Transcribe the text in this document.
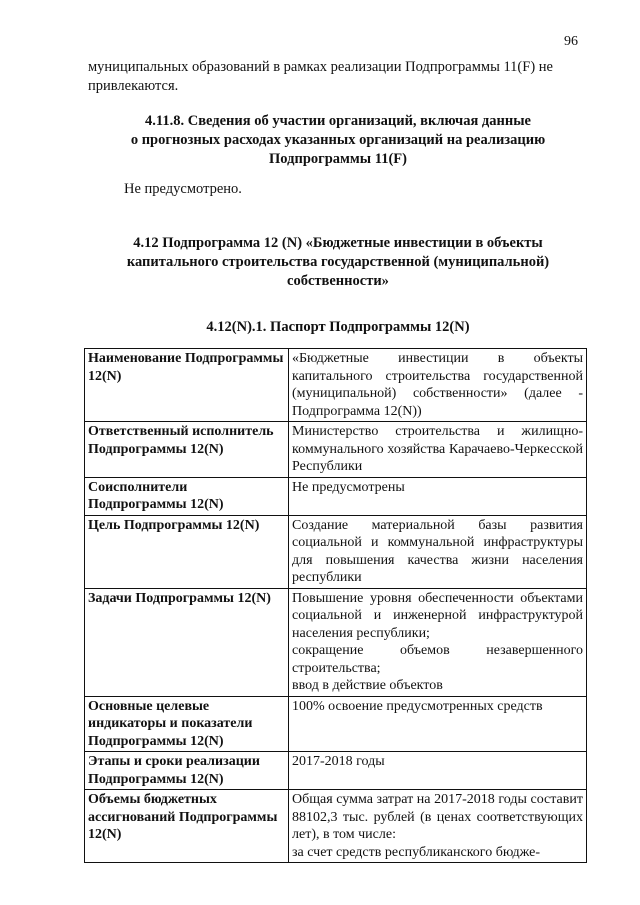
96
муниципальных образований в рамках реализации Подпрограммы 11(F) не привлекаются.
4.11.8. Сведения об участии организаций, включая данные
о прогнозных расходах указанных организаций на реализацию
Подпрограммы 11(F)
Не предусмотрено.
4.12 Подпрограмма 12 (N) «Бюджетные инвестиции в объекты
капитального строительства государственной (муниципальной)
собственности»
4.12(N).1. Паспорт Подпрограммы 12(N)
Наименование Подпрограммы 12(N)	«Бюджетные инвестиции в объекты капитального строительства государственной (муниципальной) собственности» (далее - Подпрограмма 12(N))

Ответственный исполнитель Подпрограммы 12(N)	Министерство строительства и жилищно-коммунального хозяйства Карачаево-Черкесской Республики

Соисполнители Подпрограммы 12(N)	Не предусмотрены

Цель Подпрограммы 12(N)	Создание материальной базы развития социальной и коммунальной инфраструктуры для повышения качества жизни населения республики

Задачи Подпрограммы 12(N)	Повышение уровня обеспеченности объектами социальной и инженерной инфраструктурой населения республики;
сокращение объемов незавершенного строительства;
ввод в действие объектов

Основные целевые индикаторы и показатели Подпрограммы 12(N)	100% освоение предусмотренных средств

Этапы и сроки реализации Подпрограммы 12(N)	2017-2018 годы

Объемы бюджетных ассигнований Подпрограммы 12(N)	Общая сумма затрат на 2017-2018 годы составит 88102,3 тыс. рублей (в ценах соответствующих лет), в том числе:
за счет средств республиканского бюдже-
